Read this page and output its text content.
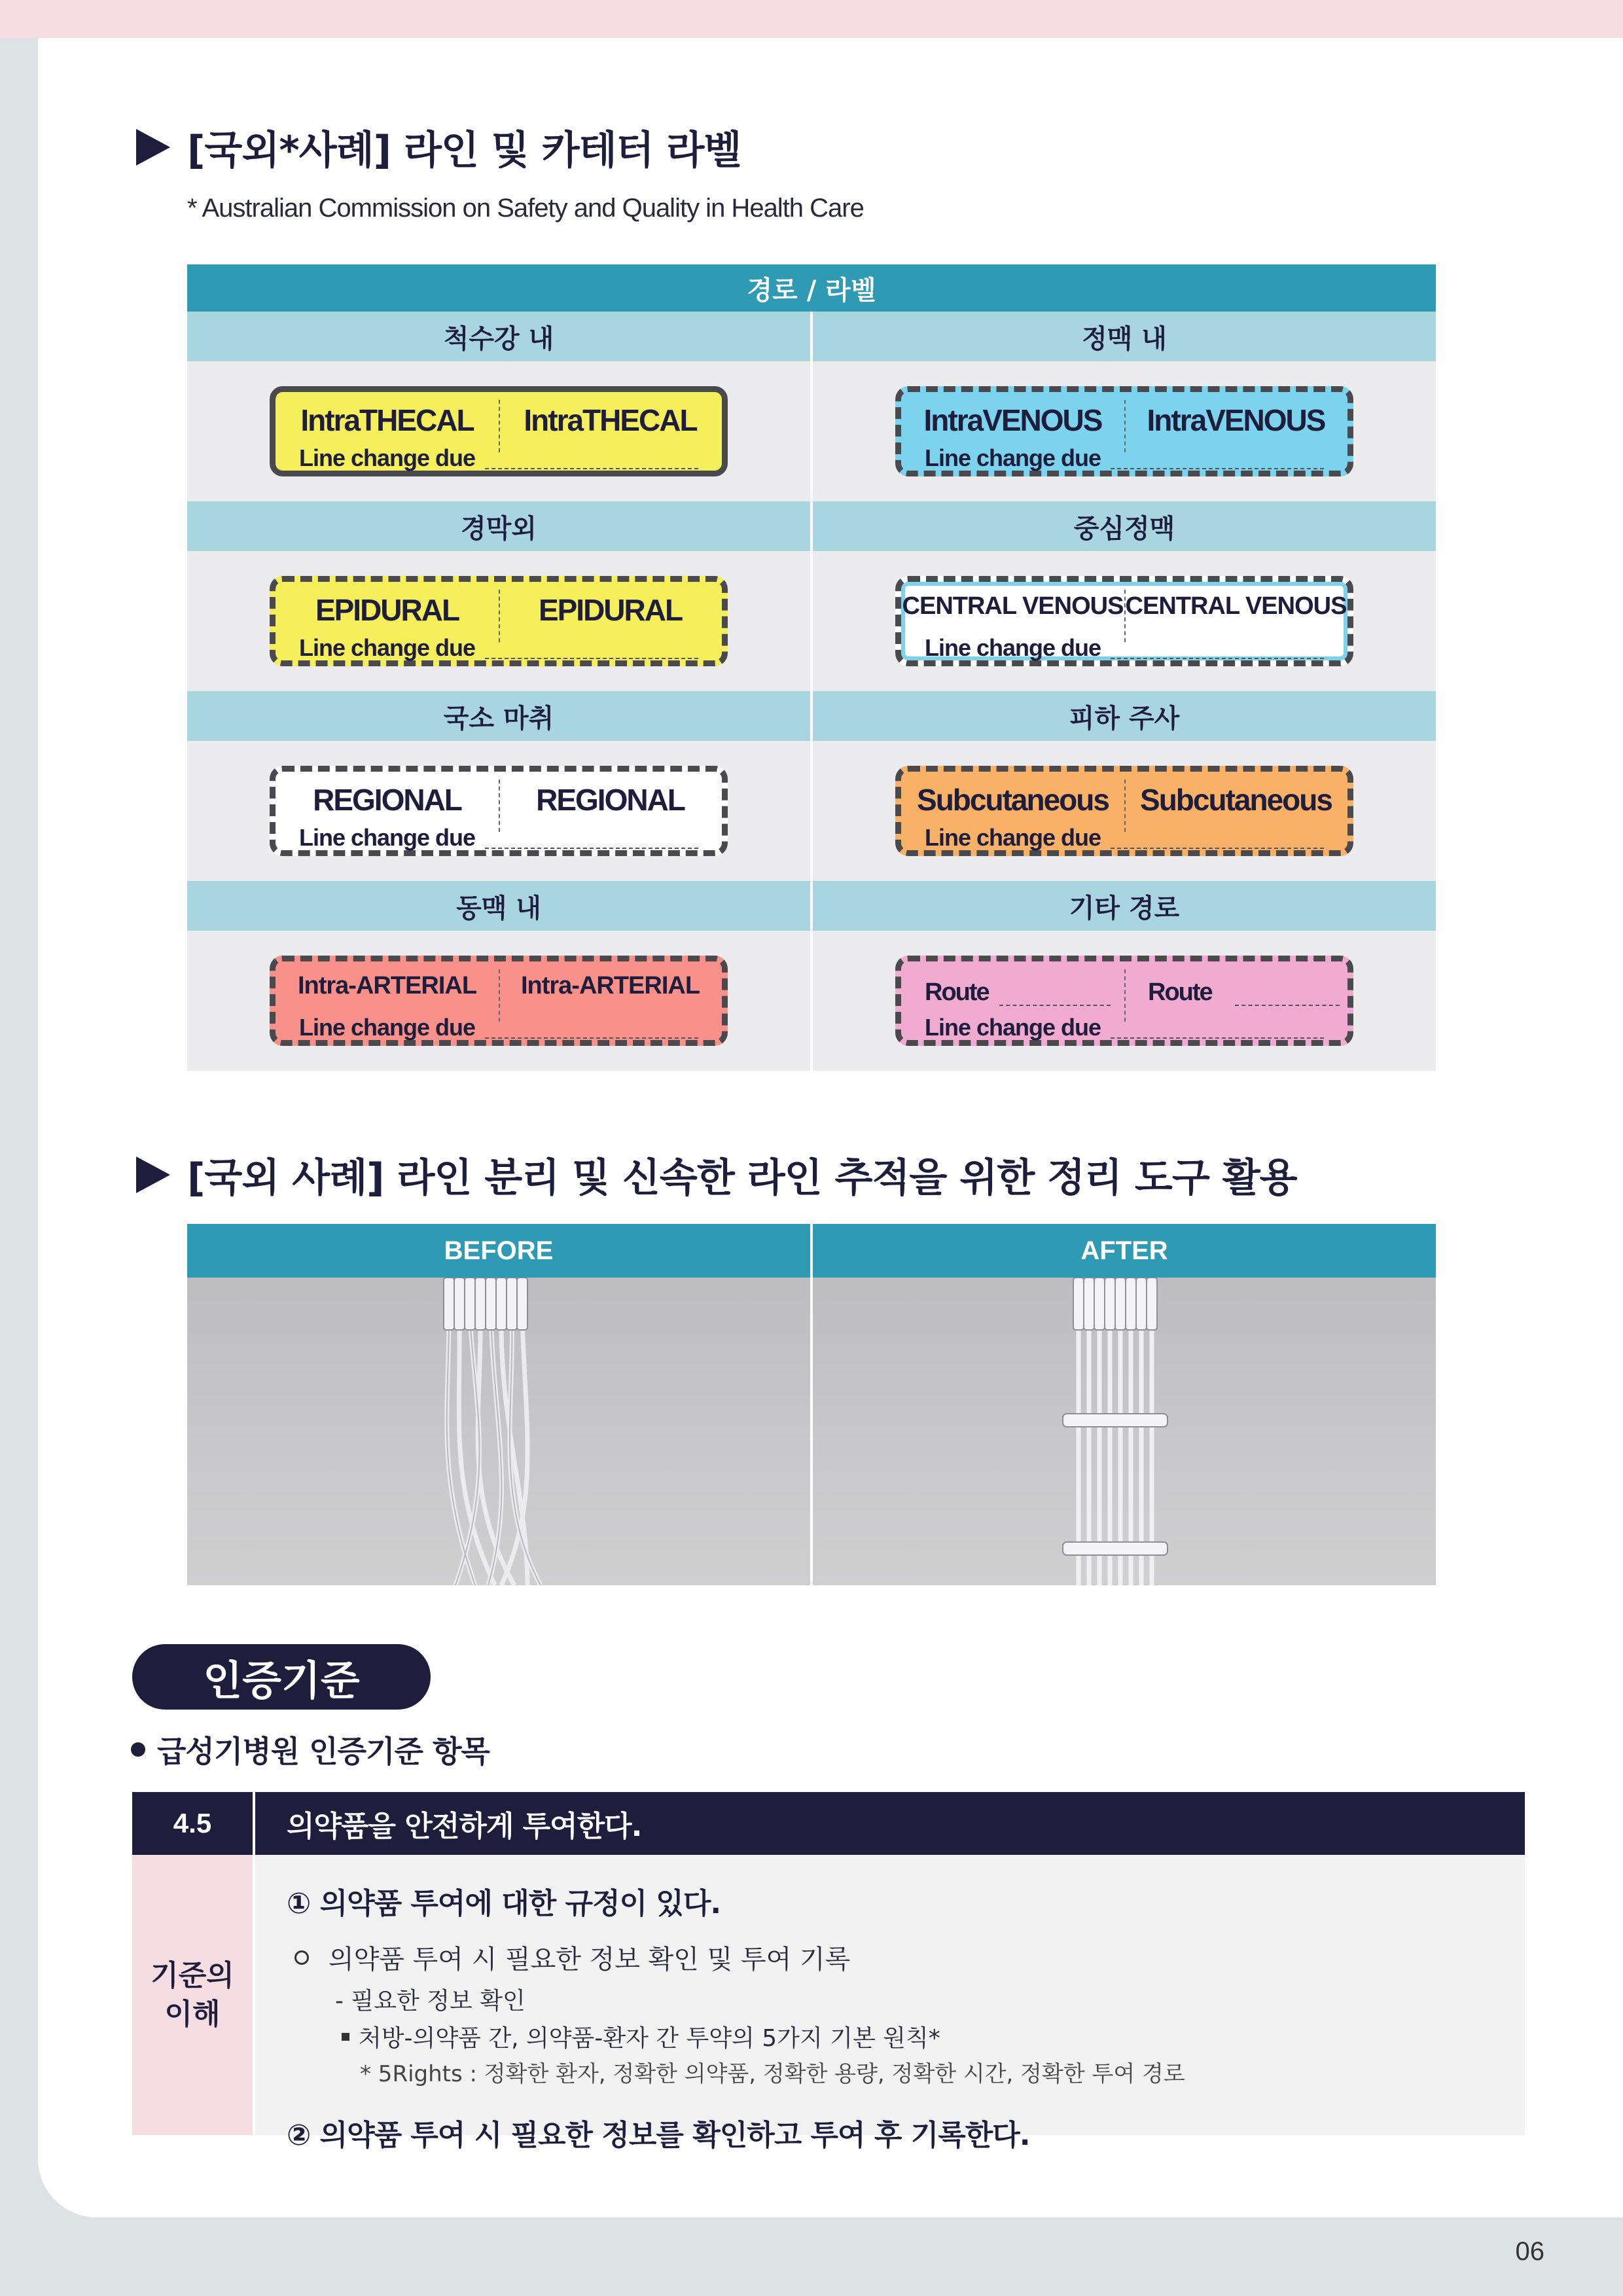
[국외*사례] 라인 및 카테터 라벨
* Australian Commission on Safety and Quality in Health Care
경로 / 라벨
척수강 내
IntraTHECAL	IntraTHECAL
Line change due
정맥 내
IntraVENOUS	IntraVENOUS
Line change due
경막외
EPIDURAL	EPIDURAL
Line change due
중심정맥
CENTRAL VENOUS CENTRAL VENOUS
Line change due
국소 마취
REGIONAL	REGIONAL
Line change due
피하 주사
Subcutaneous	Subcutaneous
Line change due
동맥 내
Intra-ARTERIAL	Intra-ARTERIAL
Line change due
기타 경로
Route	Route
Line change due
[국외 사례] 라인 분리 및 신속한 라인 추적을 위한 정리 도구 활용
BEFORE	AFTER
인증기준
급성기병원 인증기준 항목
4.5	의약품을 안전하게 투여한다.
기준의
이해
① 의약품 투여에 대한 규정이 있다.
의약품 투여 시 필요한 정보 확인 및 투여 기록
- 필요한 정보 확인
처방-의약품 간, 의약품-환자 간 투약의 5가지 기본 원칙*
* 5Rights : 정확한 환자, 정확한 의약품, 정확한 용량, 정확한 시간, 정확한 투여 경로
② 의약품 투여 시 필요한 정보를 확인하고 투여 후 기록한다.
06
